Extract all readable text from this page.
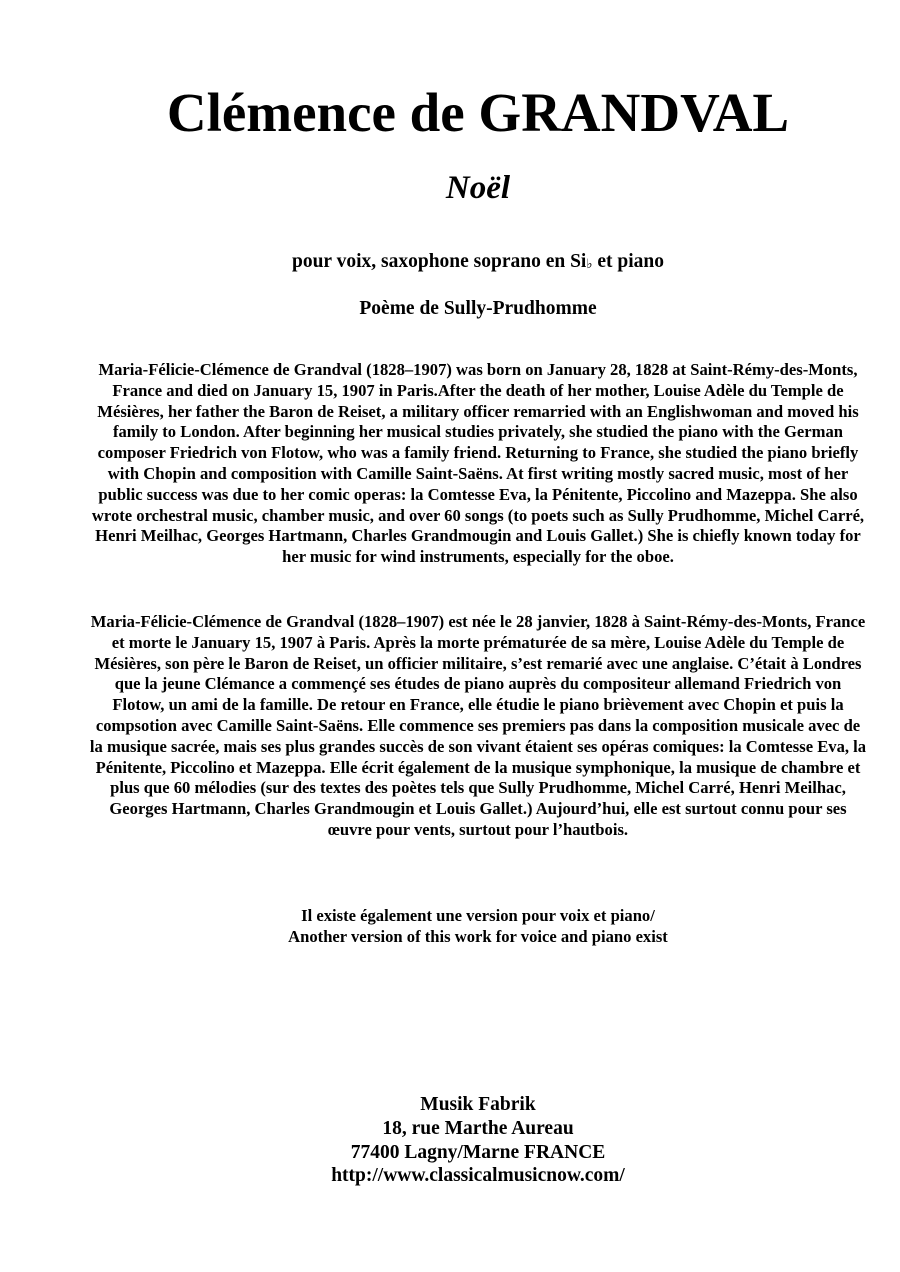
Clémence de GRANDVAL
Noël

pour voix, saxophone soprano en Si♭ et piano

Poème de Sully-Prudhomme

Maria-Félicie-Clémence de Grandval (1828–1907) was born on January 28, 1828 at Saint-Rémy-des-Monts, France and died on January 15, 1907 in Paris.After the death of her mother, Louise Adèle du Temple de Mésières, her father the Baron de Reiset, a military officer remarried with an Englishwoman and moved his family to London. After beginning her musical studies privately, she studied the piano with the German composer Friedrich von Flotow, who was a family friend. Returning to France, she studied the piano briefly with Chopin and composition with Camille Saint-Saëns. At first writing mostly sacred music, most of her public success was due to her comic operas: la Comtesse Eva, la Pénitente, Piccolino and Mazeppa. She also wrote orchestral music, chamber music, and over 60 songs (to poets such as Sully Prudhomme, Michel Carré, Henri Meilhac, Georges Hartmann, Charles Grandmougin and Louis Gallet.) She is chiefly known today for her music for wind instruments, especially for the oboe.

Maria-Félicie-Clémence de Grandval (1828–1907) est née le 28 janvier, 1828 à Saint-Rémy-des-Monts, France et morte le January 15, 1907 à Paris. Après la morte prématurée de sa mère, Louise Adèle du Temple de Mésières, son père le Baron de Reiset, un officier militaire, s’est remarié avec une anglaise. C’était à Londres que la jeune Clémance a commençé ses études de piano auprès du compositeur allemand Friedrich von Flotow, un ami de la famille. De retour en France, elle étudie le piano brièvement avec Chopin et puis la compsotion avec Camille Saint-Saëns. Elle commence ses premiers pas dans la composition musicale avec de la musique sacrée, mais ses plus grandes succès de son vivant étaient ses opéras comiques: la Comtesse Eva, la Pénitente, Piccolino et Mazeppa. Elle écrit également de la musique symphonique, la musique de chambre et plus que 60 mélodies (sur des textes des poètes tels que Sully Prudhomme, Michel Carré, Henri Meilhac, Georges Hartmann, Charles Grandmougin et Louis Gallet.) Aujourd’hui, elle est surtout connu pour ses œuvre pour vents, surtout pour l’hautbois.

Il existe également une version pour voix et piano/
Another version of this work for voice and piano exist

Musik Fabrik
18, rue Marthe Aureau
77400 Lagny/Marne FRANCE
http://www.classicalmusicnow.com/
